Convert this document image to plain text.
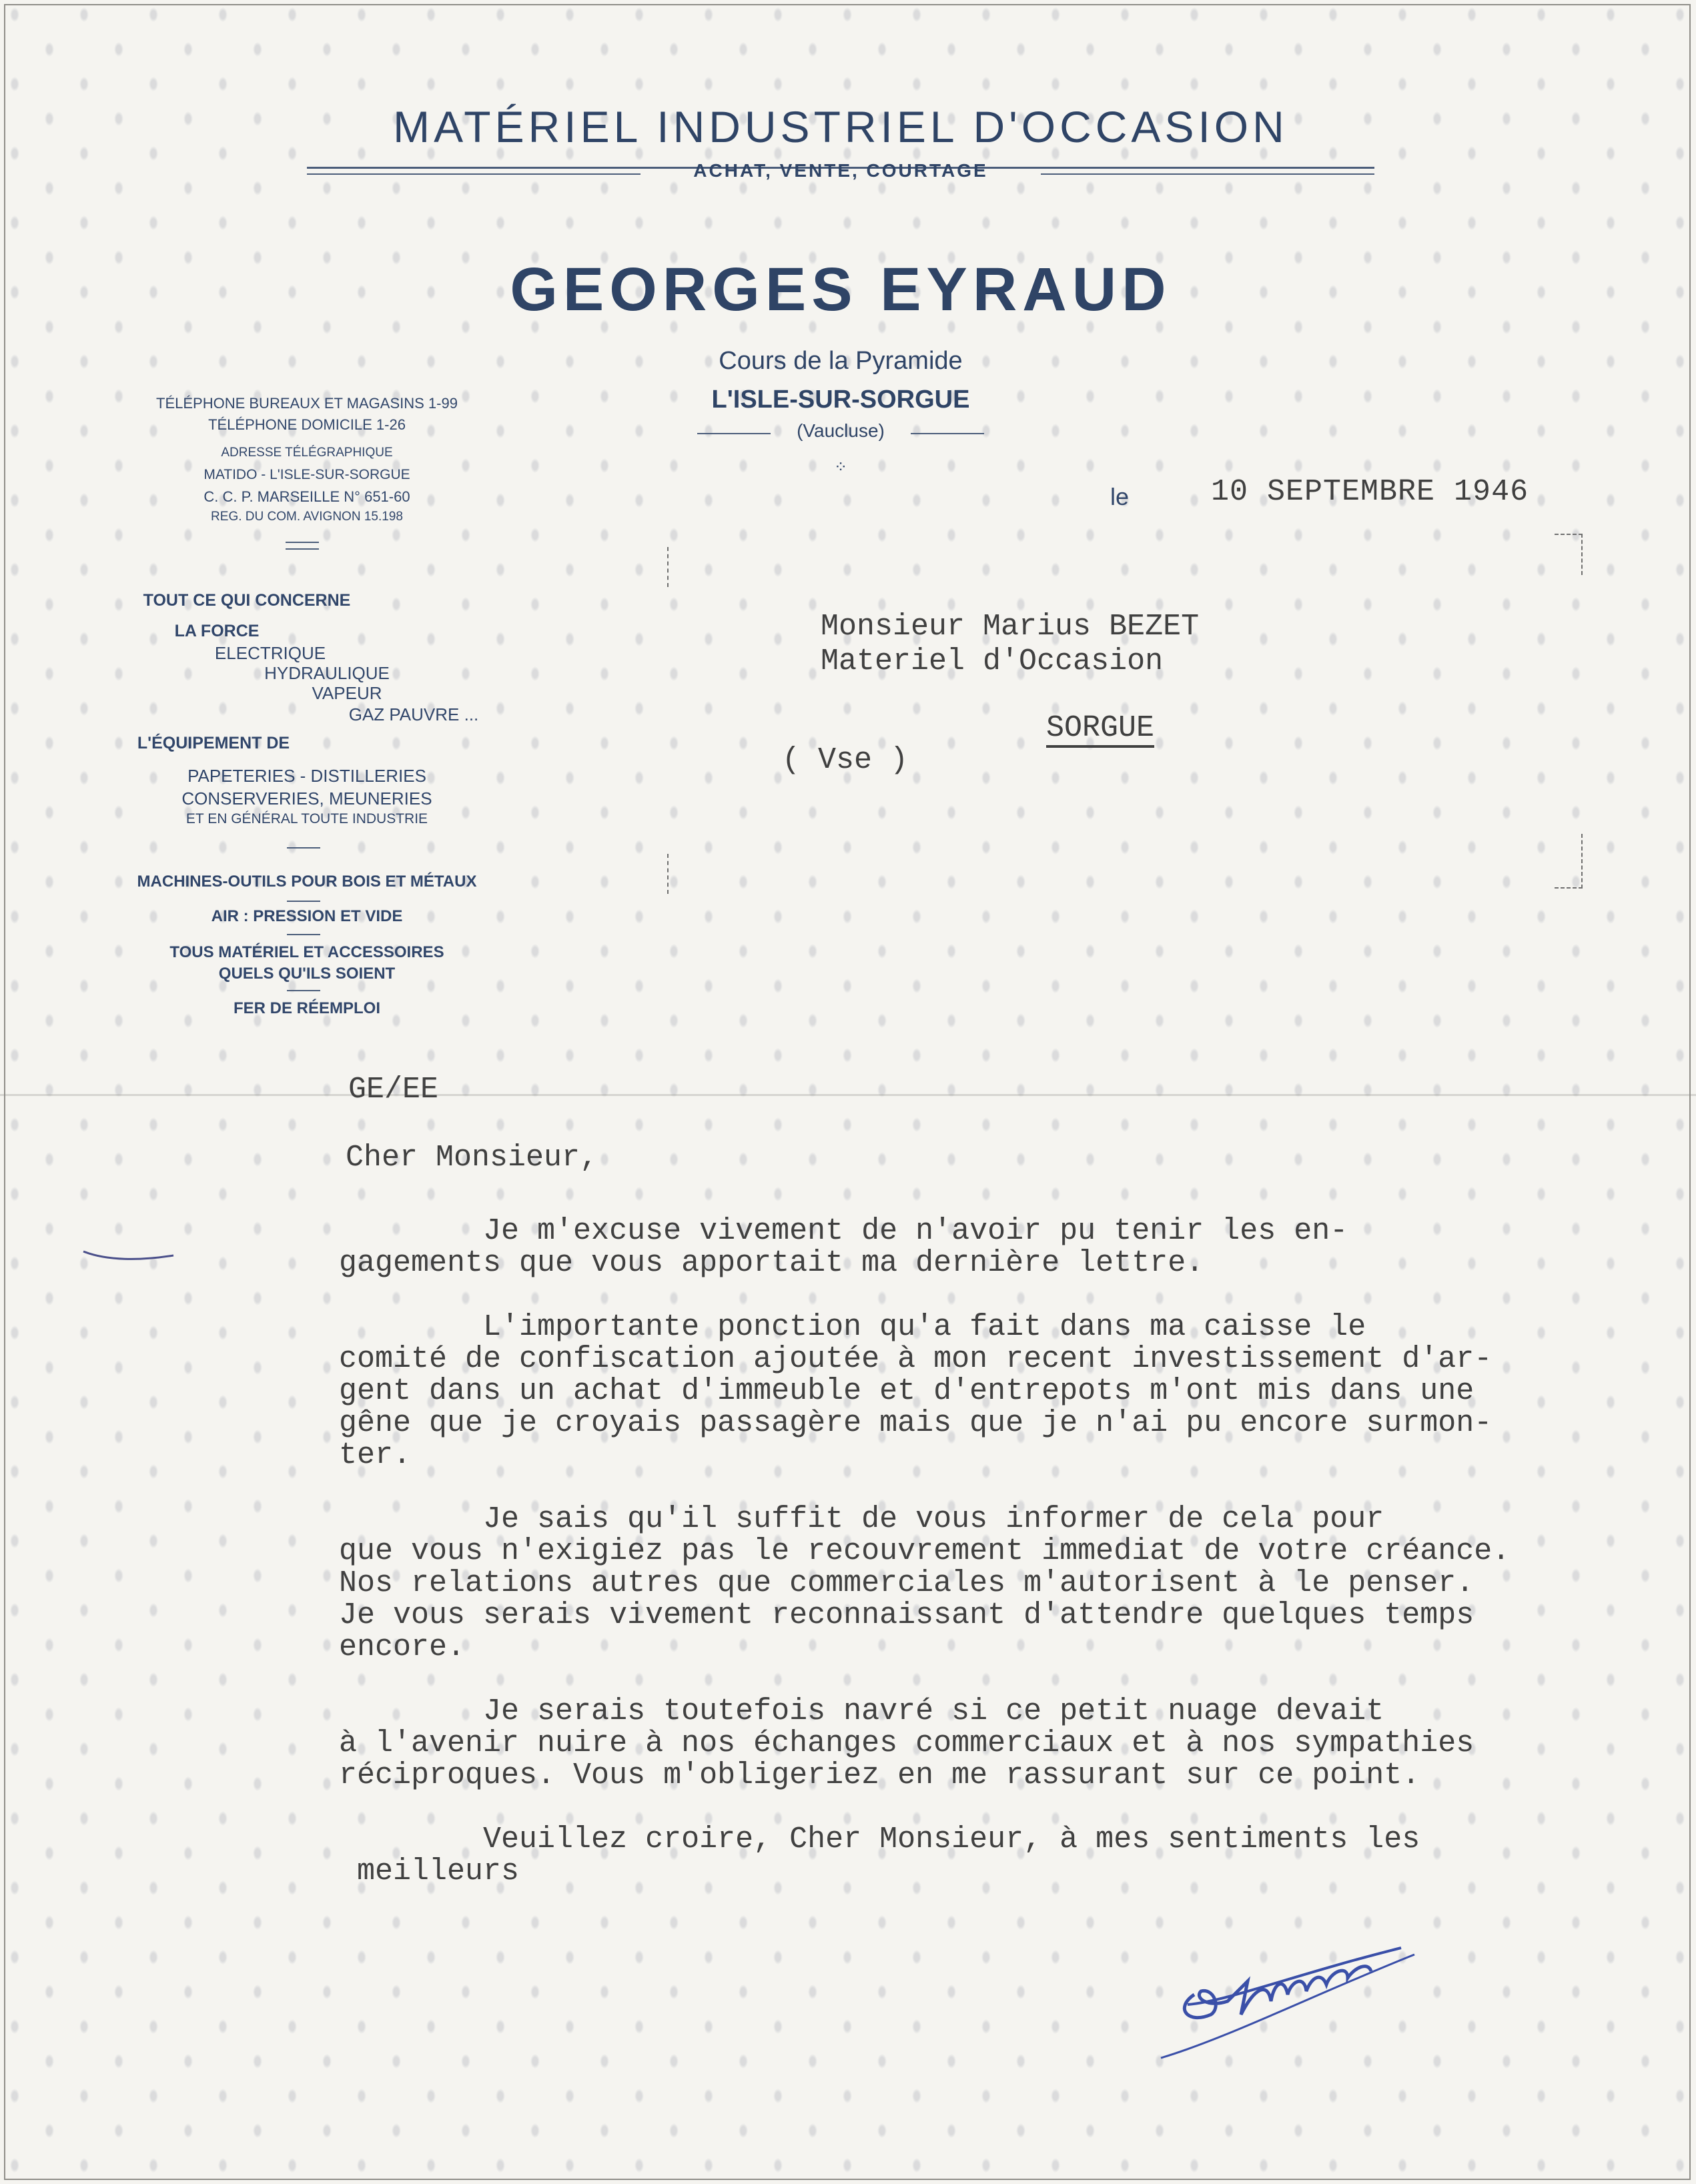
MATÉRIEL INDUSTRIEL D'OCCASION
ACHAT, VENTE, COURTAGE
GEORGES EYRAUD
Cours de la Pyramide
L'ISLE-SUR-SORGUE
(Vaucluse)
⁘
TÉLÉPHONE BUREAUX ET MAGASINS 1-99
TÉLÉPHONE DOMICILE 1-26
ADRESSE TÉLÉGRAPHIQUE
MATIDO - L'ISLE-SUR-SORGUE
C. C. P. MARSEILLE N° 651-60
REG. DU COM. AVIGNON 15.198
TOUT CE QUI CONCERNE
LA FORCE
ELECTRIQUE
HYDRAULIQUE
VAPEUR
GAZ PAUVRE ...
L'ÉQUIPEMENT DE
PAPETERIES - DISTILLERIES
CONSERVERIES, MEUNERIES
ET EN GÉNÉRAL TOUTE INDUSTRIE
MACHINES-OUTILS POUR BOIS ET MÉTAUX
AIR : PRESSION ET VIDE
TOUS MATÉRIEL ET ACCESSOIRES
QUELS QU'ILS SOIENT
FER DE RÉEMPLOI
le	10 SEPTEMBRE 1946
Monsieur Marius BEZET
Materiel d'Occasion
SORGUE
( Vse )
GE/EE
Cher Monsieur,
Je m'excuse vivement de n'avoir pu tenir les en-
gagements que vous apportait ma dernière lettre.
L'importante ponction qu'a fait dans ma caisse le
comité de confiscation ajoutée à mon recent investissement d'ar-
gent dans un achat d'immeuble et d'entrepots m'ont mis dans une
gêne que je croyais passagère mais que je n'ai pu encore surmon-
ter.
Je sais qu'il suffit de vous informer de cela pour
que vous n'exigiez pas le recouvrement immediat de votre créance.
Nos relations autres que commerciales m'autorisent à le penser.
Je vous serais vivement reconnaissant d'attendre quelques temps
encore.
Je serais toutefois navré si ce petit nuage devait
à l'avenir nuire à nos échanges commerciaux et à nos sympathies
réciproques. Vous m'obligeriez en me rassurant sur ce point.
Veuillez croire, Cher Monsieur, à mes sentiments les
meilleurs
